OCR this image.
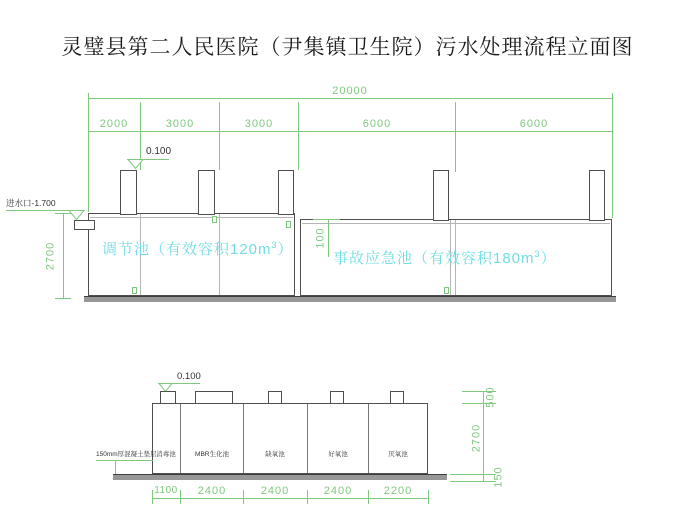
灵璧县第二人民医院（尹集镇卫生院）污水处理流程立面图
20000
2000	3000	3000	6000	6000
0.100
进水口-1.700
2700
100
调节池（有效容积$120m^3$）
事故应急池（有效容积$180m^3$）
0.100
150mm厚混凝土垫层 消毒池	MBR生化池	缺氧池	好氧池	厌氧池
1100 2400	2400	2400	2200
500
2700
150
